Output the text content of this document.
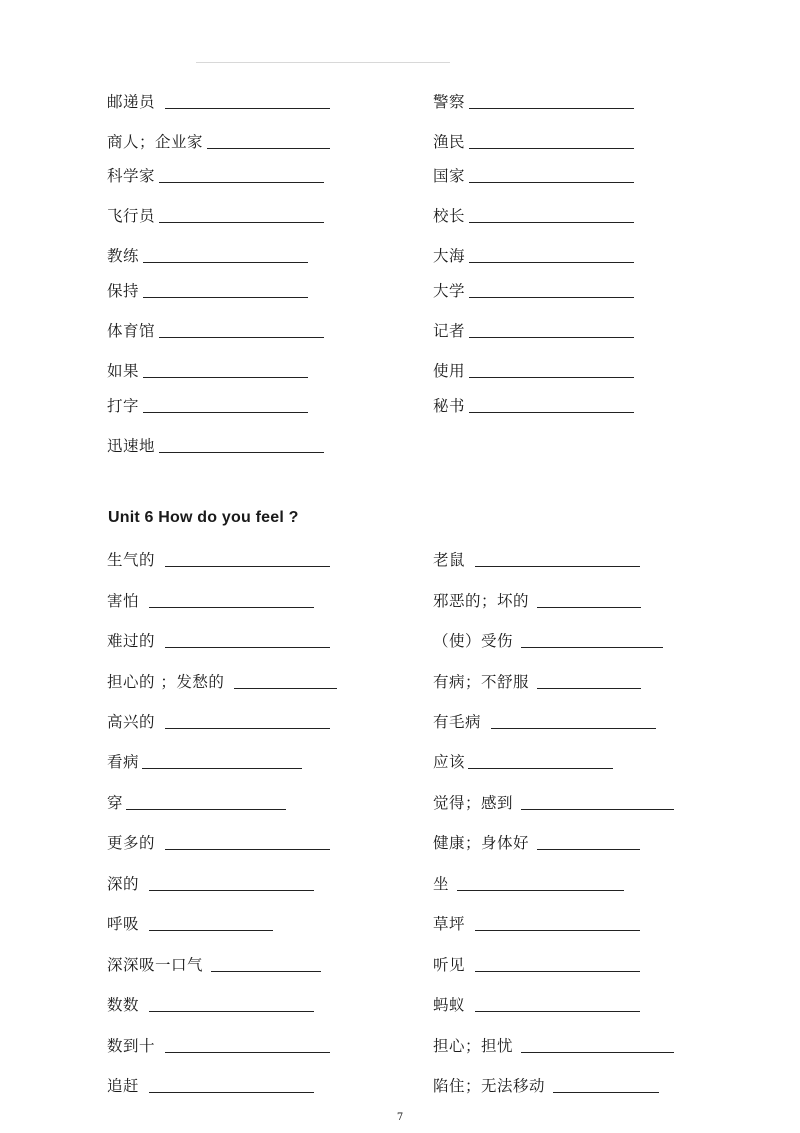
邮递员
商人；企业家
科学家
飞行员
教练
保持
体育馆
如果
打字
迅速地
警察
渔民
国家
校长
大海
大学
记者
使用
秘书
Unit 6 How do you feel ?
生气的
害怕
难过的
担心的 ；发愁的
高兴的
看病
穿
更多的
深的
呼吸
深深吸一口气
数数
数到十
追赶
老鼠
邪恶的；坏的
（使）受伤
有病；不舒服
有毛病
应该
觉得；感到
健康；身体好
坐
草坪
听见
蚂蚁
担心；担忧
陷住；无法移动
7
